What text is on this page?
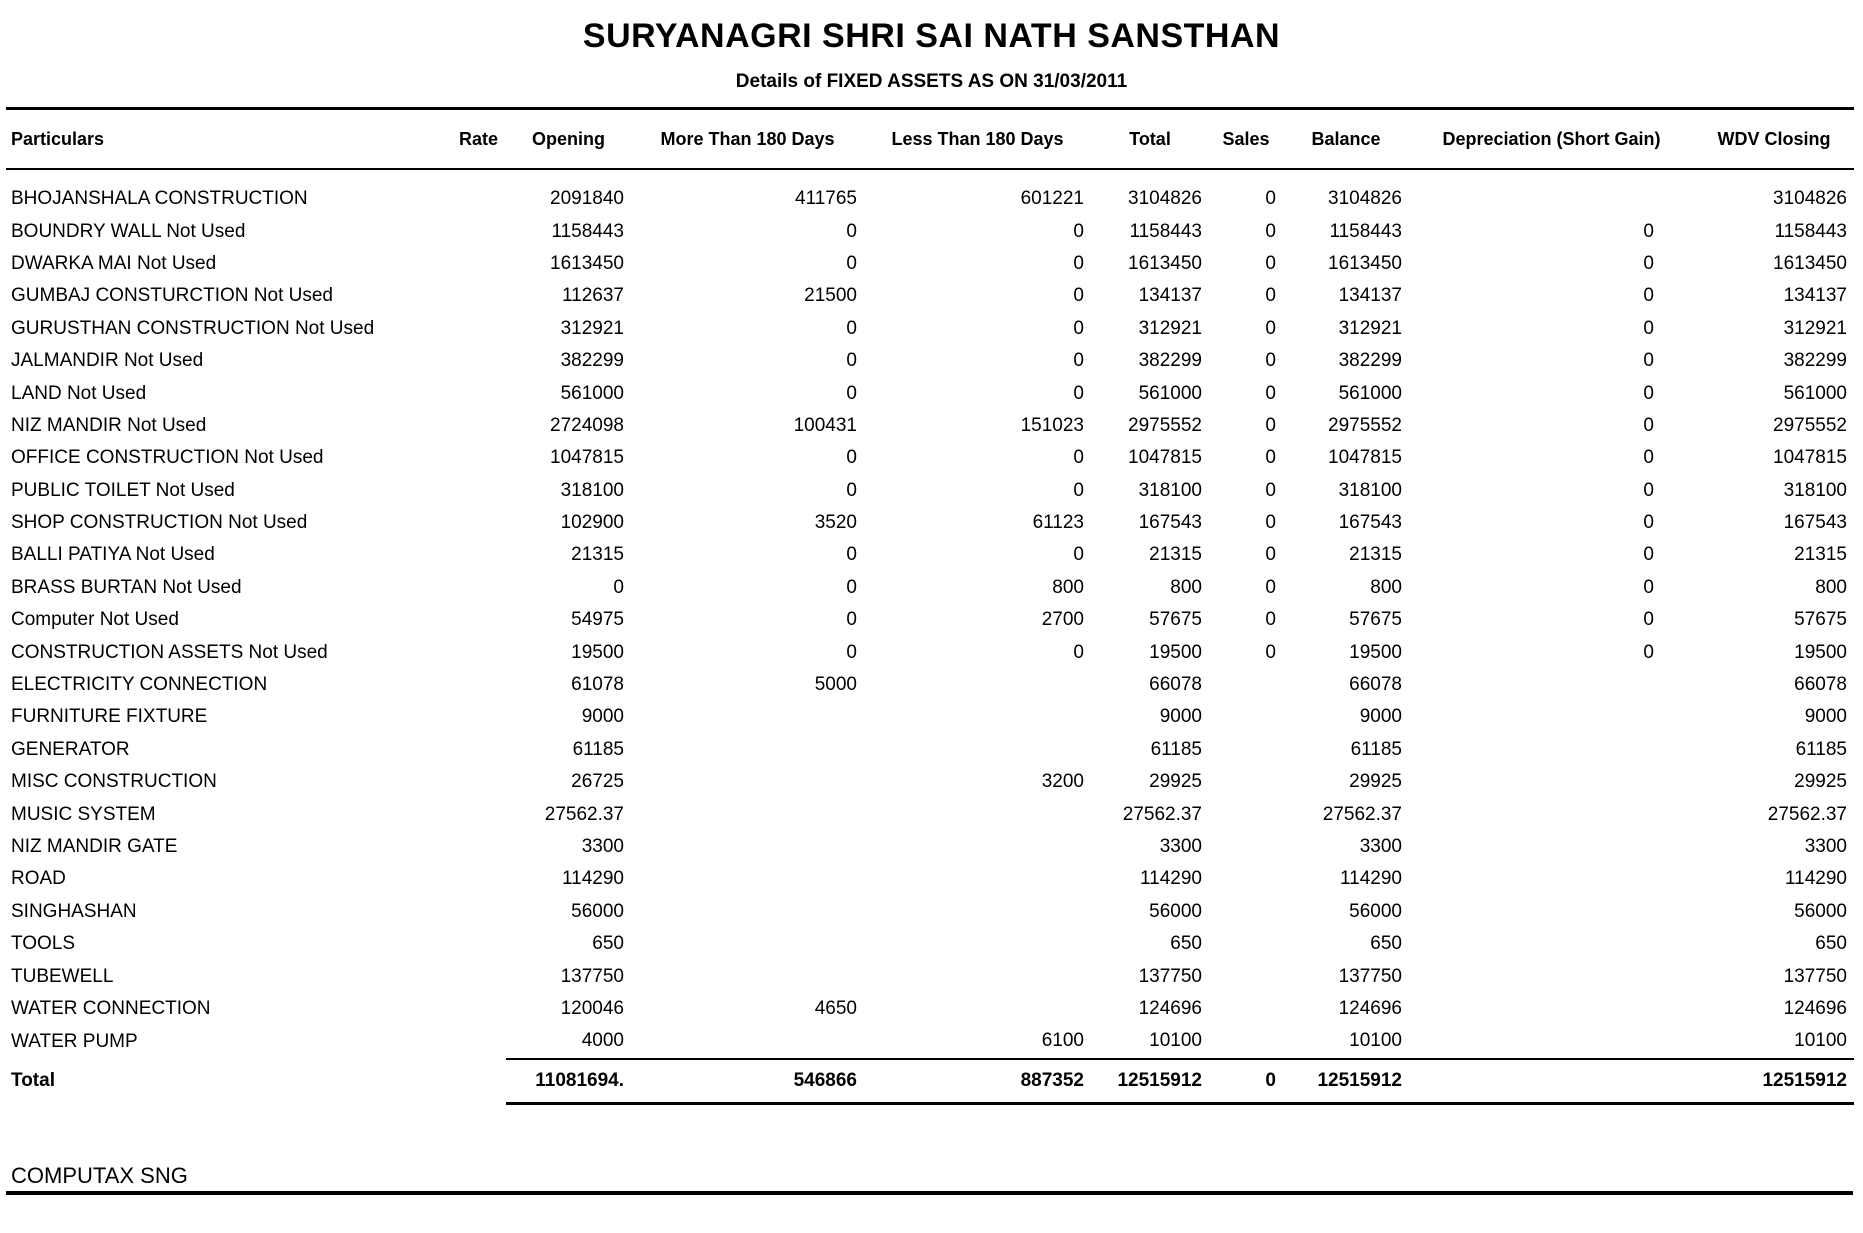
SURYANAGRI SHRI SAI NATH SANSTHAN
Details of FIXED ASSETS AS ON 31/03/2011
Particulars	Rate	Opening	More Than 180 Days	Less Than 180 Days	Total	Sales	Balance	Depreciation (Short Gain)	WDV Closing
BHOJANSHALA CONSTRUCTION		2091840	411765	601221	3104826	0	3104826		3104826
BOUNDRY WALL Not Used		1158443	0	0	1158443	0	1158443	0	1158443
DWARKA MAI Not Used		1613450	0	0	1613450	0	1613450	0	1613450
GUMBAJ CONSTURCTION Not Used		112637	21500	0	134137	0	134137	0	134137
GURUSTHAN CONSTRUCTION Not Used		312921	0	0	312921	0	312921	0	312921
JALMANDIR Not Used		382299	0	0	382299	0	382299	0	382299
LAND Not Used		561000	0	0	561000	0	561000	0	561000
NIZ MANDIR Not Used		2724098	100431	151023	2975552	0	2975552	0	2975552
OFFICE CONSTRUCTION Not Used		1047815	0	0	1047815	0	1047815	0	1047815
PUBLIC TOILET Not Used		318100	0	0	318100	0	318100	0	318100
SHOP CONSTRUCTION Not Used		102900	3520	61123	167543	0	167543	0	167543
BALLI PATIYA Not Used		21315	0	0	21315	0	21315	0	21315
BRASS BURTAN Not Used		0	0	800	800	0	800	0	800
Computer Not Used		54975	0	2700	57675	0	57675	0	57675
CONSTRUCTION ASSETS Not Used		19500	0	0	19500	0	19500	0	19500
ELECTRICITY CONNECTION		61078	5000		66078		66078		66078
FURNITURE FIXTURE		9000			9000		9000		9000
GENERATOR		61185			61185		61185		61185
MISC CONSTRUCTION		26725		3200	29925		29925		29925
MUSIC SYSTEM		27562.37			27562.37		27562.37		27562.37
NIZ MANDIR GATE		3300			3300		3300		3300
ROAD		114290			114290		114290		114290
SINGHASHAN		56000			56000		56000		56000
TOOLS		650			650		650		650
TUBEWELL		137750			137750		137750		137750
WATER CONNECTION		120046	4650		124696		124696		124696
WATER PUMP		4000		6100	10100		10100		10100
Total		11081694.	546866	887352	12515912	0	12515912		12515912
COMPUTAX SNG
